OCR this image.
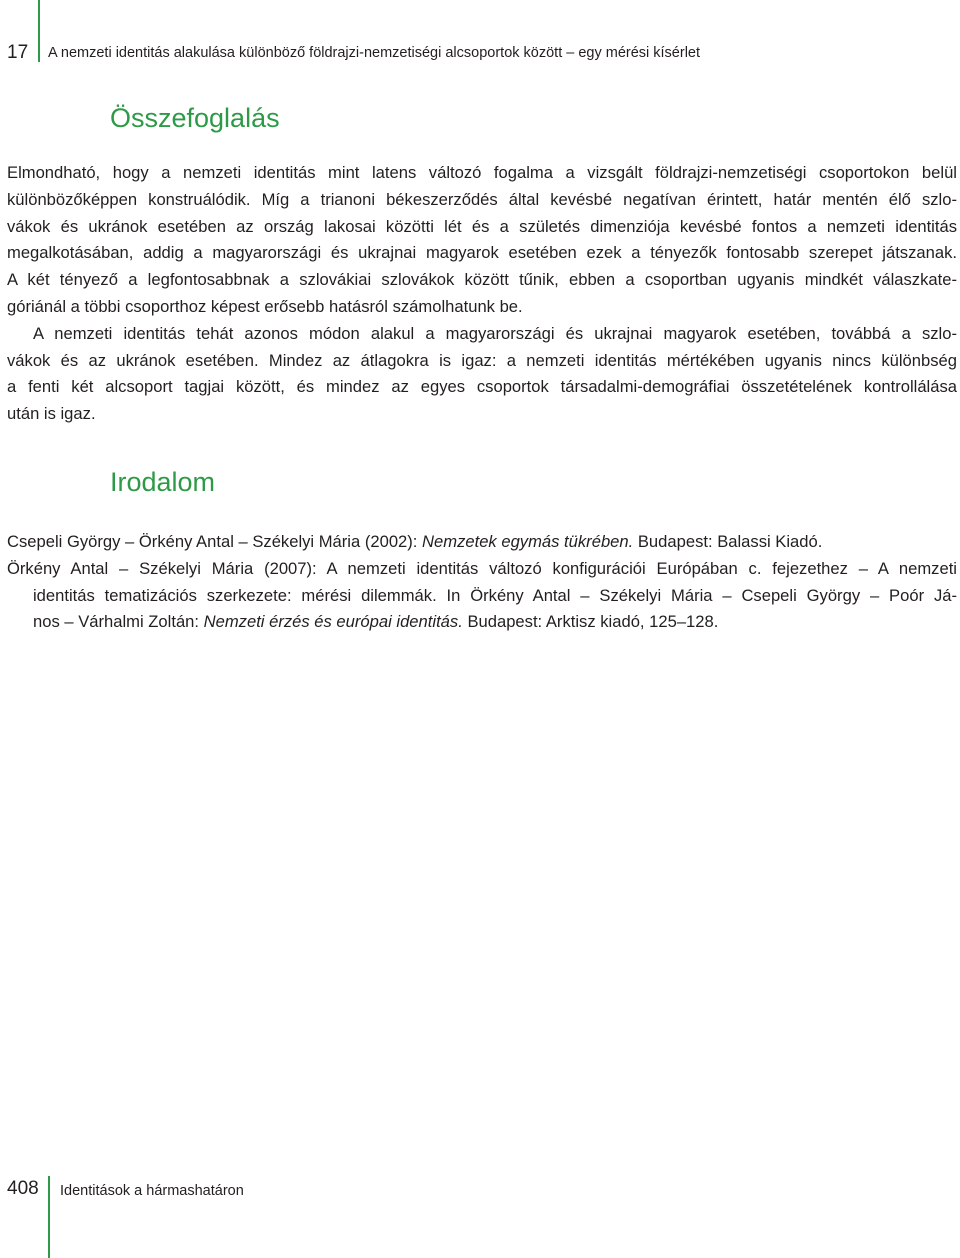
17 A nemzeti identitás alakulása különböző földrajzi-nemzetiségi alcsoportok között – egy mérési kísérlet
Összefoglalás
Elmondható, hogy a nemzeti identitás mint latens változó fogalma a vizsgált földrajzi-nemzetiségi csoportokon belül
különbözőképpen konstruálódik. Míg a trianoni békeszerződés által kevésbé negatívan érintett, határ mentén élő szlo-
vákok és ukránok esetében az ország lakosai közötti lét és a születés dimenziója kevésbé fontos a nemzeti identitás
megalkotásában, addig a magyarországi és ukrajnai magyarok esetében ezek a tényezők fontosabb szerepet játszanak.
A két tényező a legfontosabbnak a szlovákiai szlovákok között tűnik, ebben a csoportban ugyanis mindkét válaszkate-
góriánál a többi csoporthoz képest erősebb hatásról számolhatunk be.
A nemzeti identitás tehát azonos módon alakul a magyarországi és ukrajnai magyarok esetében, továbbá a szlo-
vákok és az ukránok esetében. Mindez az átlagokra is igaz: a nemzeti identitás mértékében ugyanis nincs különbség
a fenti két alcsoport tagjai között, és mindez az egyes csoportok társadalmi-demográfiai összetételének kontrollálása
után is igaz.
Irodalom
Csepeli György – Örkény Antal – Székelyi Mária (2002): Nemzetek egymás tükrében. Budapest: Balassi Kiadó.
Örkény Antal – Székelyi Mária (2007): A nemzeti identitás változó konfigurációi Európában c. fejezethez – A nemzeti
identitás tematizációs szerkezete: mérési dilemmák. In Örkény Antal – Székelyi Mária – Csepeli György – Poór Já-
nos – Várhalmi Zoltán: Nemzeti érzés és európai identitás. Budapest: Arktisz kiadó, 125–128.
408 Identitások a hármashatáron
